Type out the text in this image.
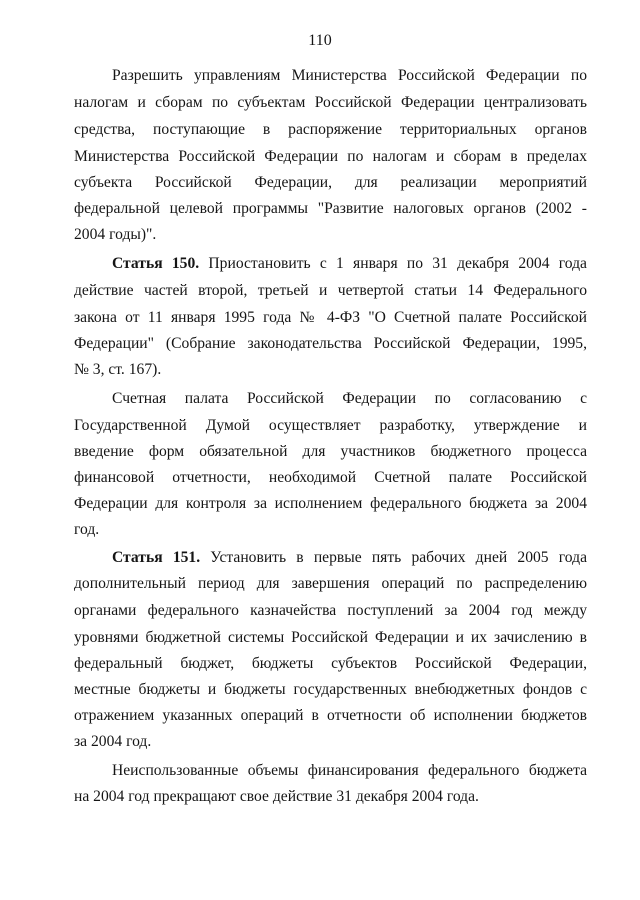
110
Разрешить управлениям Министерства Российской Федерации по
налогам и сборам по субъектам Российской Федерации централизовать
средства, поступающие в распоряжение территориальных органов
Министерства Российской Федерации по налогам и сборам в пределах
субъекта Российской Федерации, для реализации мероприятий
федеральной целевой программы "Развитие налоговых органов (2002 -
2004 годы)".
Статья 150. Приостановить с 1 января по 31 декабря 2004 года
действие частей второй, третьей и четвертой статьи 14 Федерального
закона от 11 января 1995 года № 4-ФЗ "О Счетной палате Российской
Федерации" (Собрание законодательства Российской Федерации, 1995,
№ 3, ст. 167).
Счетная палата Российской Федерации по согласованию с
Государственной Думой осуществляет разработку, утверждение и
введение форм обязательной для участников бюджетного процесса
финансовой отчетности, необходимой Счетной палате Российской
Федерации для контроля за исполнением федерального бюджета за 2004
год.
Статья 151. Установить в первые пять рабочих дней 2005 года
дополнительный период для завершения операций по распределению
органами федерального казначейства поступлений за 2004 год между
уровнями бюджетной системы Российской Федерации и их зачислению в
федеральный бюджет, бюджеты субъектов Российской Федерации,
местные бюджеты и бюджеты государственных внебюджетных фондов с
отражением указанных операций в отчетности об исполнении бюджетов
за 2004 год.
Неиспользованные объемы финансирования федерального бюджета
на 2004 год прекращают свое действие 31 декабря 2004 года.
